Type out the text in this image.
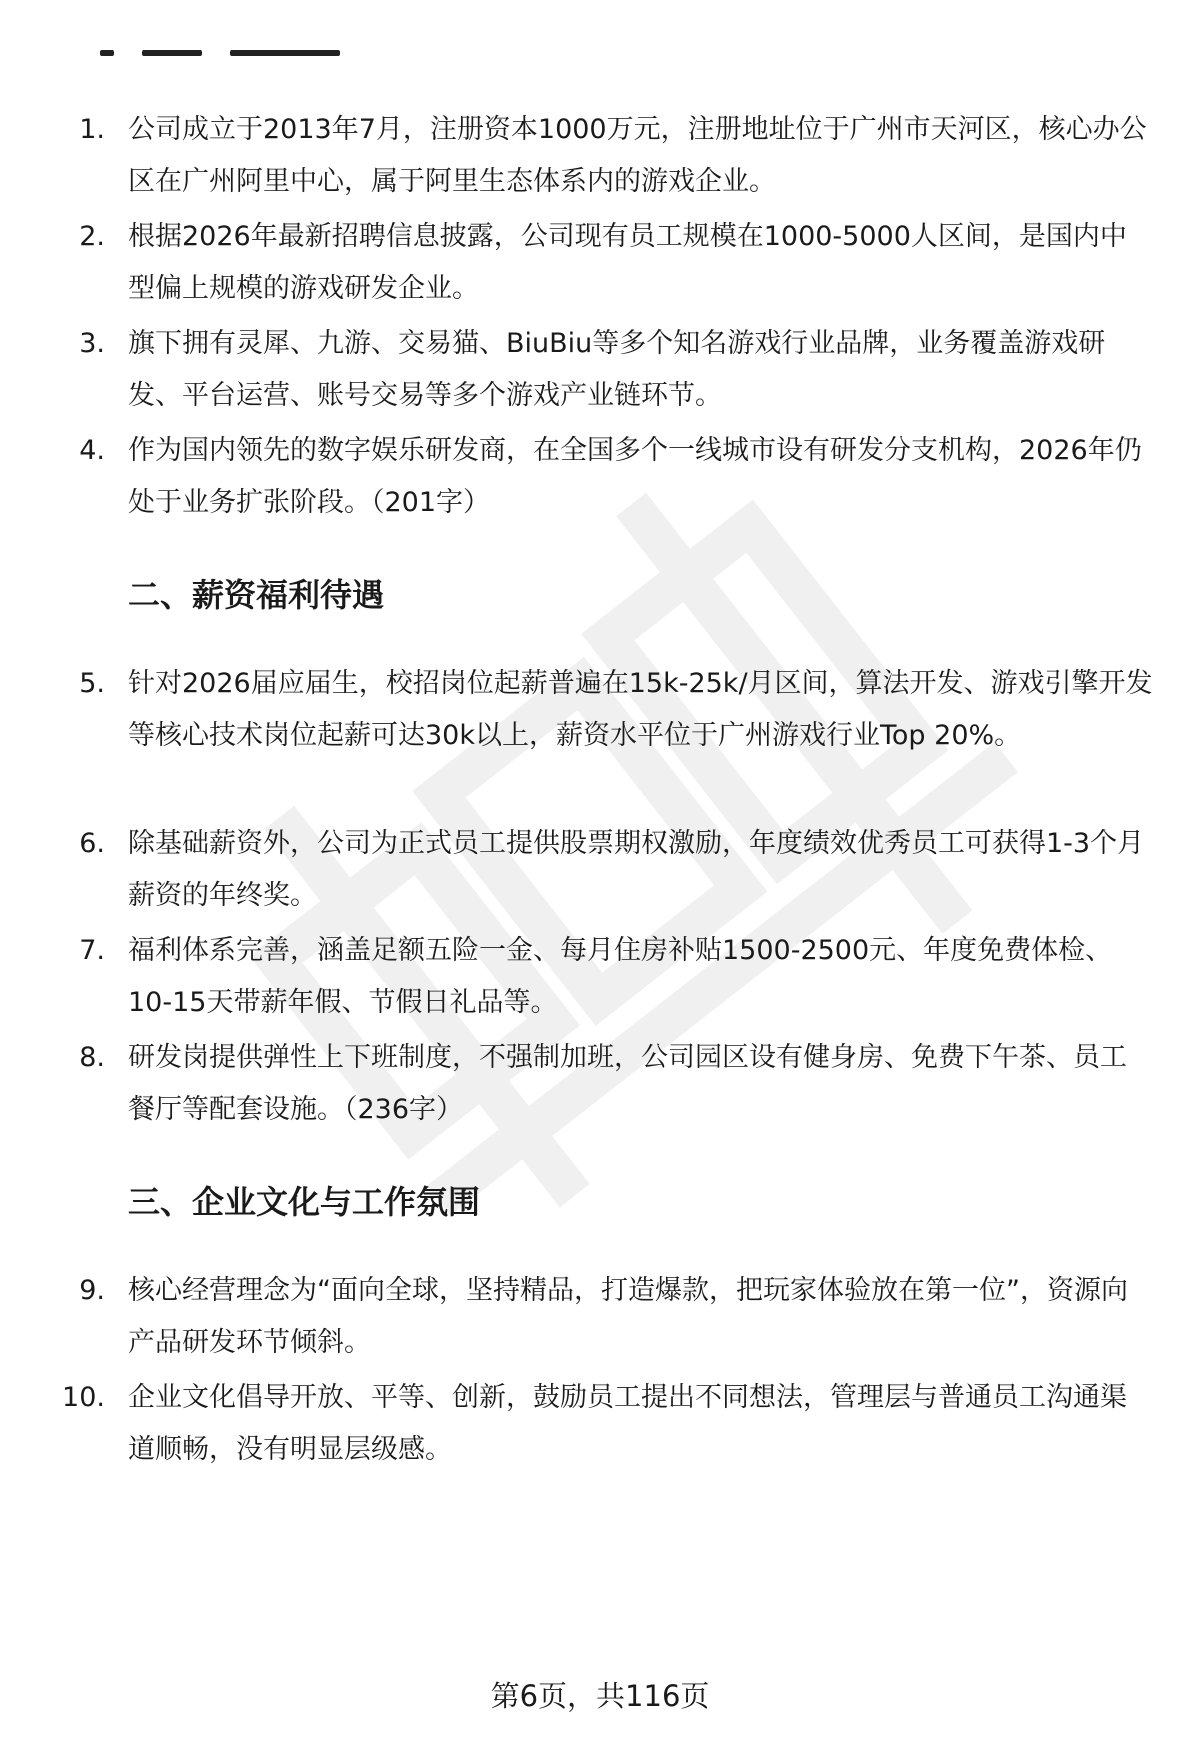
1. 公司成立于2013年7月，注册资本1000万元，注册地址位于广州市天河区，核心办公区在广州阿里中心，属于阿里生态体系内的游戏企业。
2. 根据2026年最新招聘信息披露，公司现有员工规模在1000-5000人区间，是国内中型偏上规模的游戏研发企业。
3. 旗下拥有灵犀、九游、交易猫、BiuBiu等多个知名游戏行业品牌，业务覆盖游戏研发、平台运营、账号交易等多个游戏产业链环节。
4. 作为国内领先的数字娱乐研发商，在全国多个一线城市设有研发分支机构，2026年仍处于业务扩张阶段。（201字）
二、薪资福利待遇
5. 针对2026届应届生，校招岗位起薪普遍在15k-25k/月区间，算法开发、游戏引擎开发等核心技术岗位起薪可达30k以上，薪资水平位于广州游戏行业Top 20%。
6. 除基础薪资外，公司为正式员工提供股票期权激励，年度绩效优秀员工可获得1-3个月薪资的年终奖。
7. 福利体系完善，涵盖足额五险一金、每月住房补贴1500-2500元、年度免费体检、10-15天带薪年假、节假日礼品等。
8. 研发岗提供弹性上下班制度，不强制加班，公司园区设有健身房、免费下午茶、员工餐厅等配套设施。（236字）
三、企业文化与工作氛围
9. 核心经营理念为“面向全球，坚持精品，打造爆款，把玩家体验放在第一位”，资源向产品研发环节倾斜。
10. 企业文化倡导开放、平等、创新，鼓励员工提出不同想法，管理层与普通员工沟通渠道顺畅，没有明显层级感。
第6页，共116页
